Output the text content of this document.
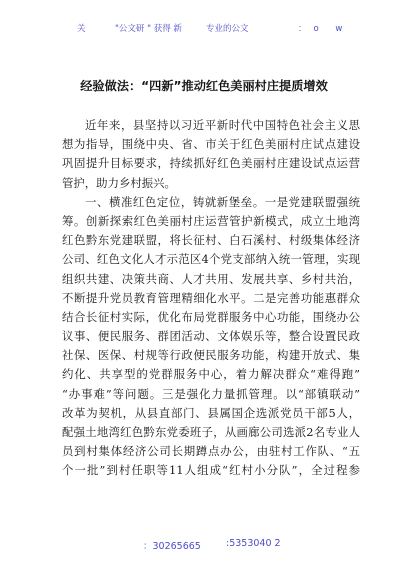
关	"公文研 " 获得 新	专业的公文	：o w
经验做法：“四新”推动红色美丽村庄提质增效
近年来，县坚持以习近平新时代中国特色社会主义思
想为指导，围绕中央、省、市关于红色美丽村庄试点建设
巩固提升目标要求，持续抓好红色美丽村庄建设试点运营
管护，助力乡村振兴。
一、横准红色定位，铸就新堡垒。一是党建联盟强统
筹。创新探索红色美丽村庄运营管护新模式，成立土地湾
红色黔东党建联盟，将长征村、白石溪村、村级集体经济
公司、红色文化人才示范区4个党支部纳入统一管理，实现
组织共建、决策共商、人才共用、发展共享、乡村共治，
不断提升党员教育管理精细化水平。二是完善功能惠群众
结合长征村实际，优化布局党群服务中心功能，围绕办公
议事、便民服务、群团活动、文体娱乐等，整合设置民政
社保、医保、村规等行政便民服务功能，构建开放式、集
约化、共享型的党群服务中心，着力解决群众“难得跑”
“办事难”等问题。三是强化力量抓管理。以“部镇联动”
改革为契机，从县直部门、县属国企选派党员干部5人，
配强土地湾红色黔东党委班子，从画廊公司选派2名专业人
员到村集体经济公司长期蹲点办公，由驻村工作队、“五
个一批”到村任职等11人组成“红村小分队”，全过程参
：30265665	:5353040 2
